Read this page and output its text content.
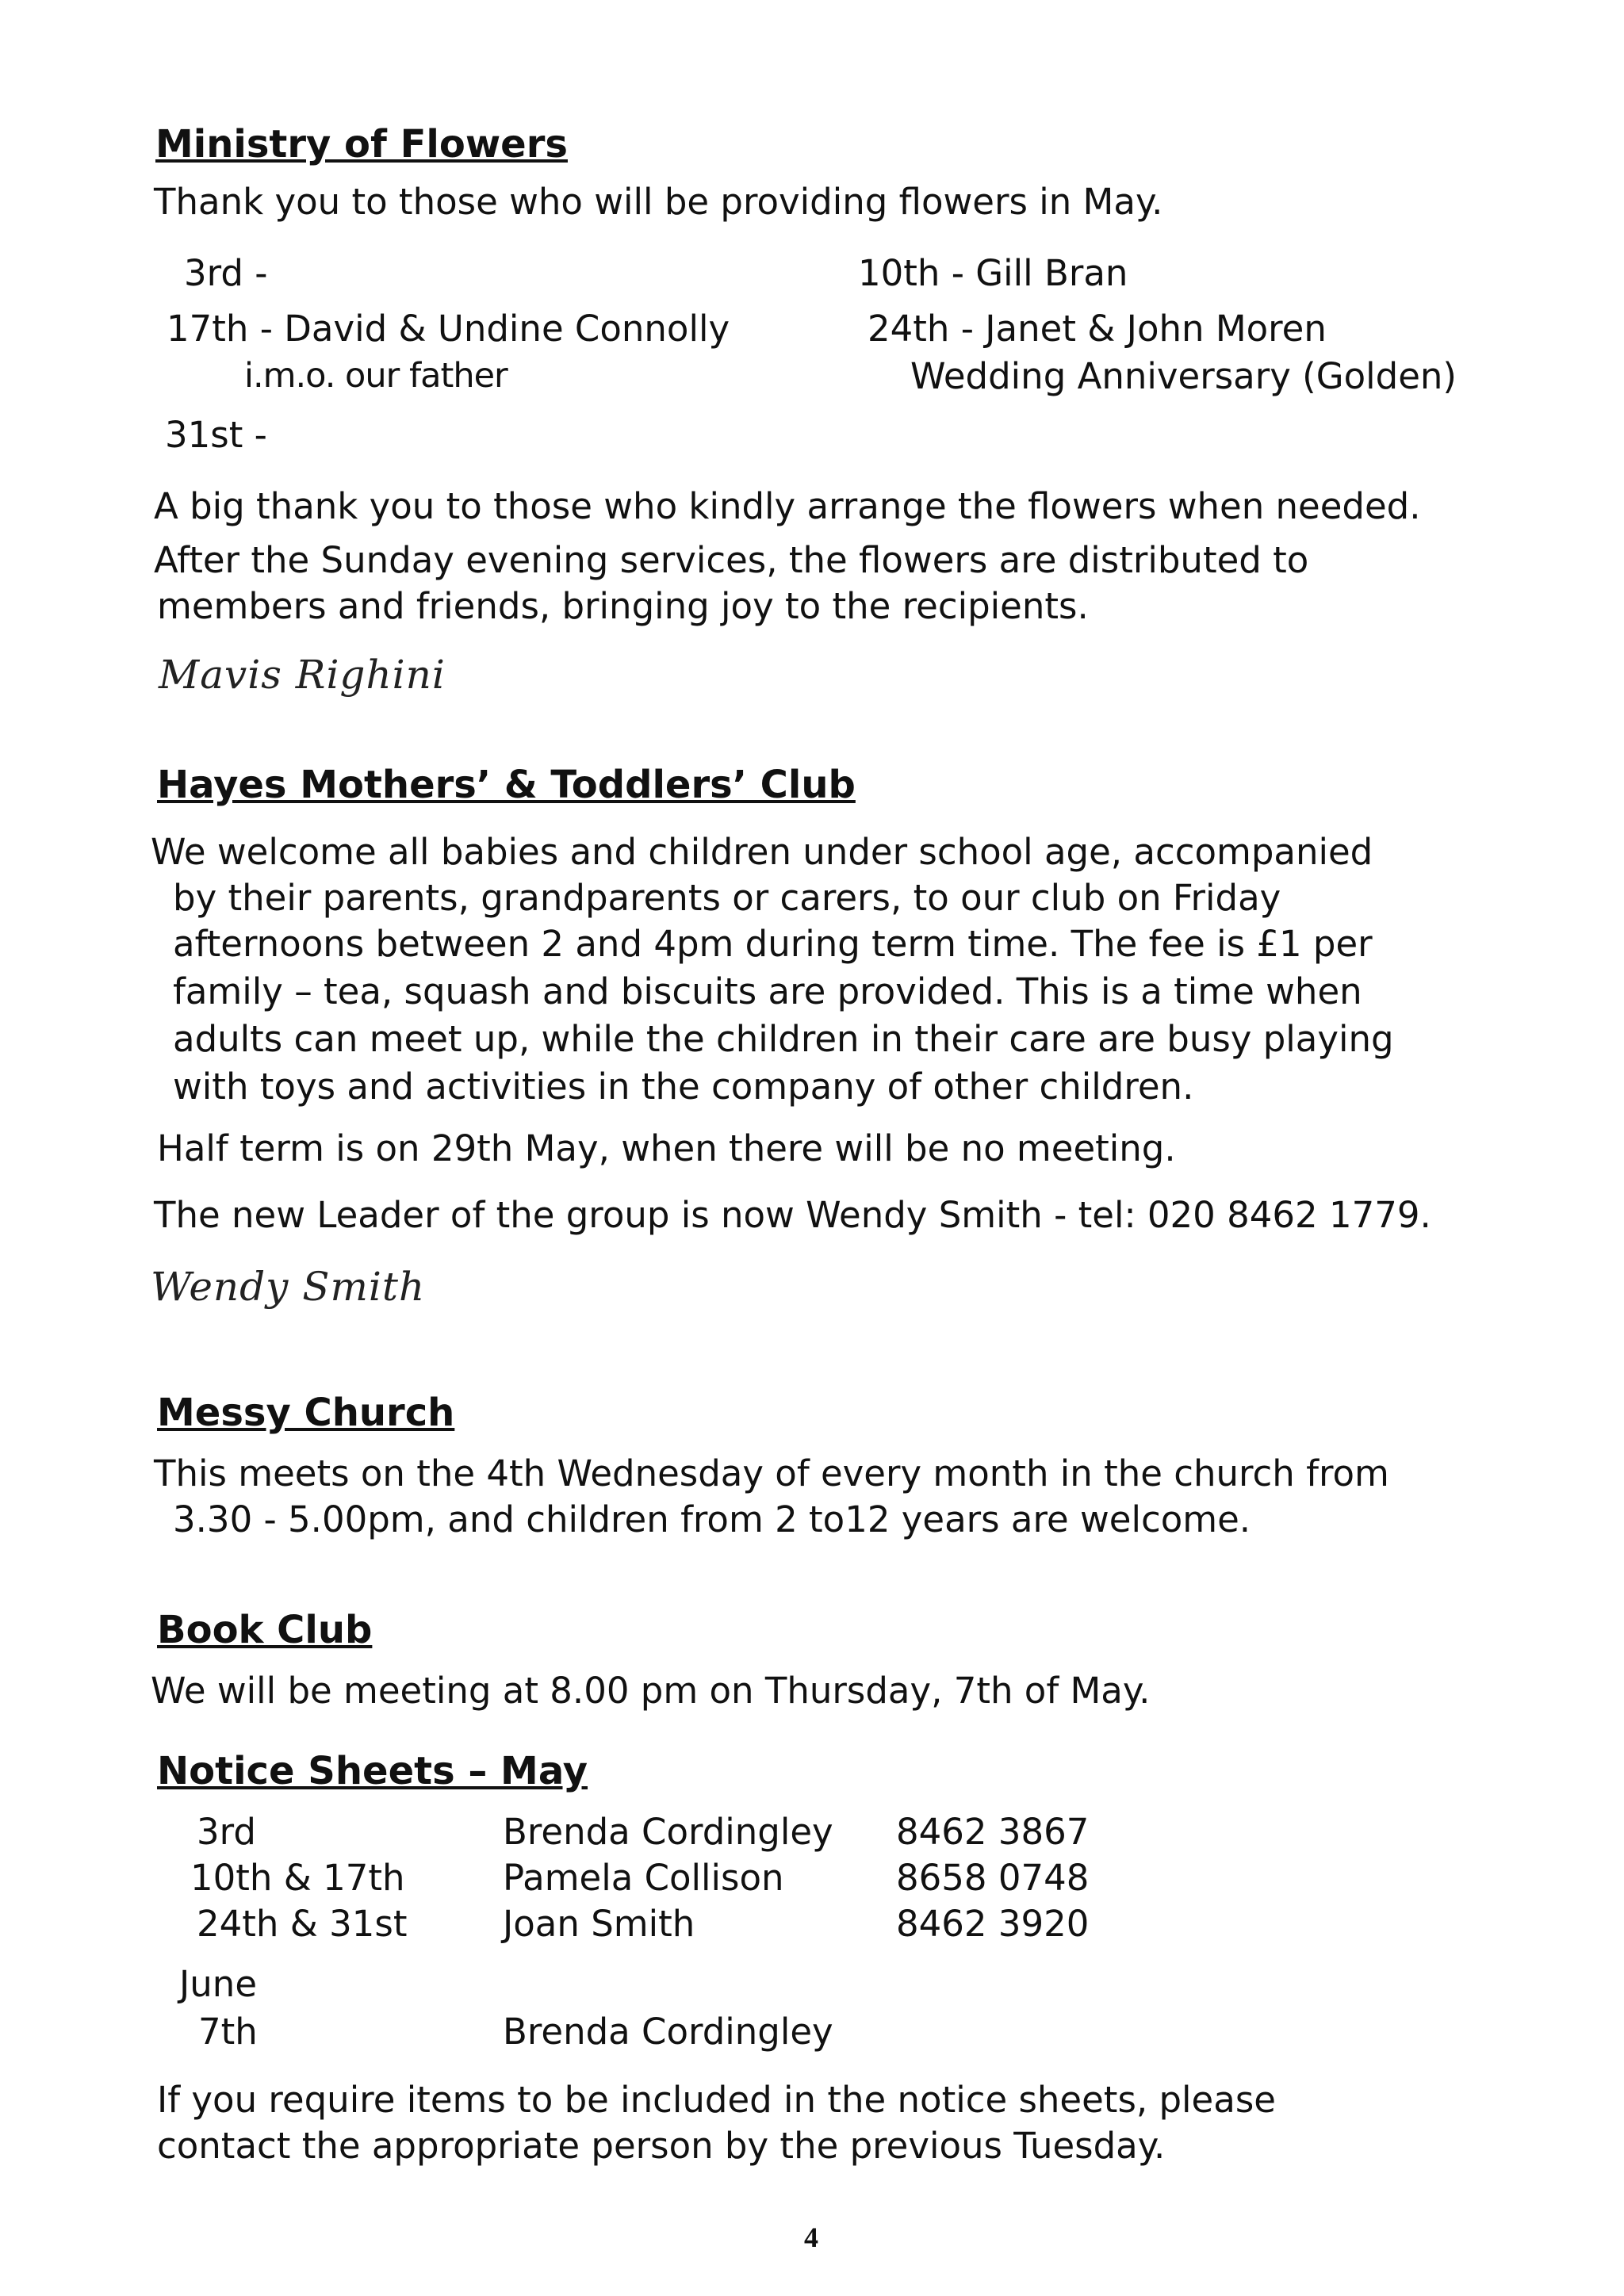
Ministry of Flowers
Thank you to those who will be providing flowers in May.
3rd -	10th - Gill Bran
17th - David & Undine Connolly	24th - Janet & John Moren
i.m.o. our father	Wedding Anniversary (Golden)
31st -
A big thank you to those who kindly arrange the flowers when needed.
After the Sunday evening services, the flowers are distributed to
members and friends, bringing joy to the recipients.
Mavis Righini
Hayes Mothers’ & Toddlers’ Club
We welcome all babies and children under school age, accompanied
by their parents, grandparents or carers, to our club on Friday
afternoons between 2 and 4pm during term time. The fee is £1 per
family – tea, squash and biscuits are provided. This is a time when
adults can meet up, while the children in their care are busy playing
with toys and activities in the company of other children.
Half term is on 29th May, when there will be no meeting.
The new Leader of the group is now Wendy Smith - tel: 020 8462 1779.
Wendy Smith
Messy Church
This meets on the 4th Wednesday of every month in the church from
3.30 - 5.00pm, and children from 2 to12 years are welcome.
Book Club
We will be meeting at 8.00 pm on Thursday, 7th of May.
Notice Sheets – May
3rd	Brenda Cordingley 8462 3867
10th & 17th	Pamela Collison	8658 0748
24th & 31st	Joan Smith	8462 3920
June
7th	Brenda Cordingley
If you require items to be included in the notice sheets, please
contact the appropriate person by the previous Tuesday.
4
